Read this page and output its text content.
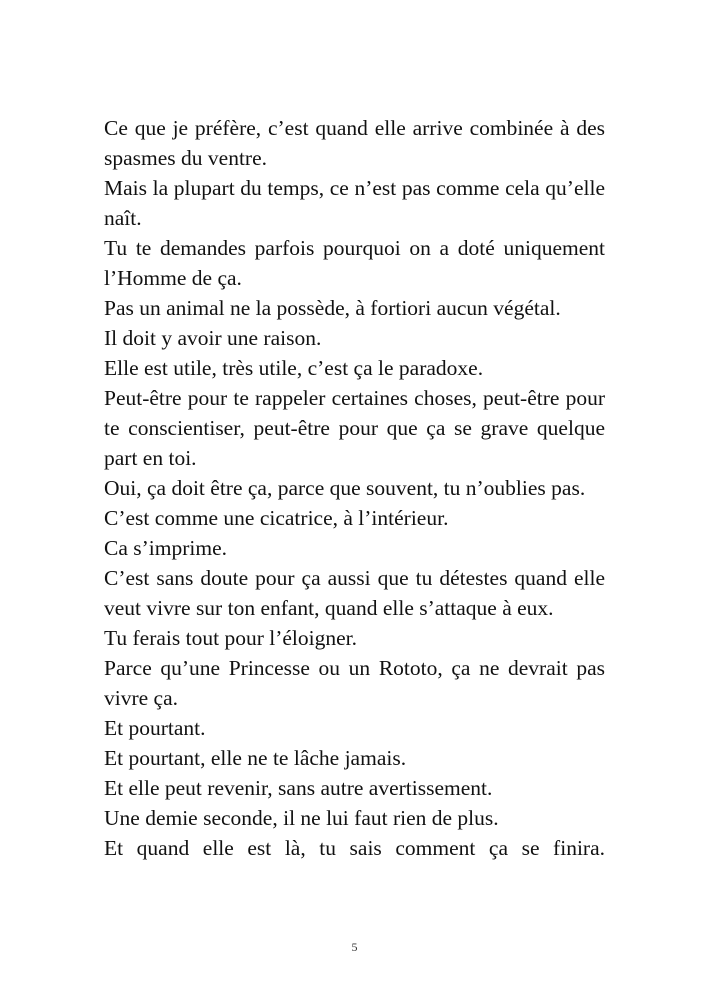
Ce que je préfère, c’est quand elle arrive combinée à des spasmes du ventre.

Mais la plupart du temps, ce n’est pas comme cela qu’elle naît.

Tu te demandes parfois pourquoi on a doté uniquement l’Homme de ça.

Pas un animal ne la possède, à fortiori aucun végétal.

Il doit y avoir une raison.

Elle est utile, très utile, c’est ça le paradoxe.

Peut-être pour te rappeler certaines choses, peut-être pour te conscientiser, peut-être pour que ça se grave quelque part en toi.

Oui, ça doit être ça, parce que souvent, tu n’oublies pas.

C’est comme une cicatrice, à l’intérieur.

Ca s’imprime.

C’est sans doute pour ça aussi que tu détestes quand elle veut vivre sur ton enfant, quand elle s’attaque à eux.

Tu ferais tout pour l’éloigner.

Parce qu’une Princesse ou un Rototo, ça ne devrait pas vivre ça.

Et pourtant.

Et pourtant, elle ne te lâche jamais.

Et elle peut revenir, sans autre avertissement.

Une demie seconde, il ne lui faut rien de plus.

Et quand elle est là, tu sais comment ça se finira.

5
